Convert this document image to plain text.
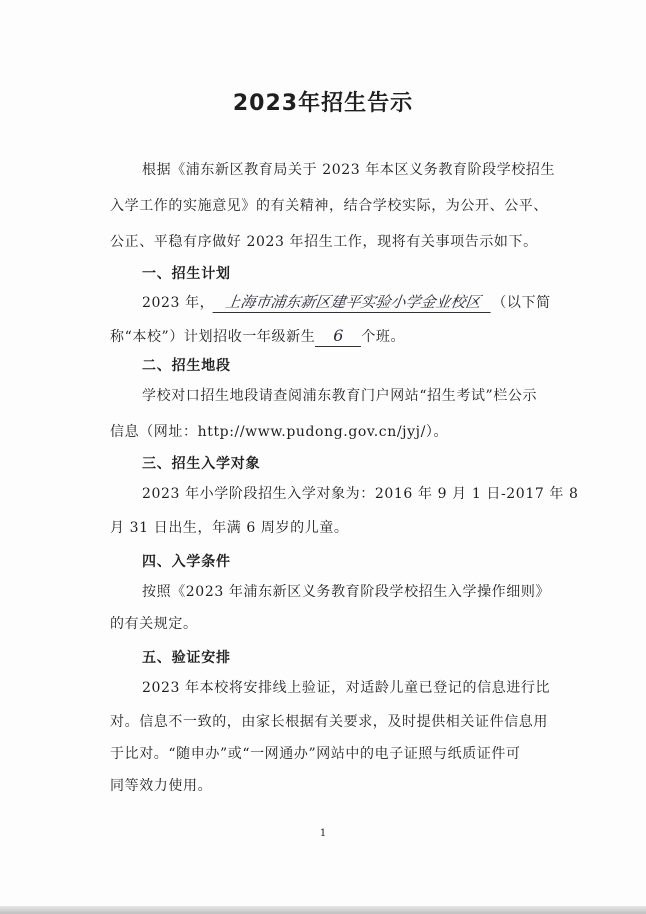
2023年招生告示
根据《浦东新区教育局关于 2023 年本区义务教育阶段学校招生
入学工作的实施意见》的有关精神，结合学校实际，为公开、公平、
公正、平稳有序做好 2023 年招生工作，现将有关事项告示如下。
一、招生计划
2023 年， 上海市浦东新区建平实验小学金业校区 （以下简
称“本校”）计划招收一年级新生 6 个班。
二、招生地段
学校对口招生地段请查阅浦东教育门户网站“招生考试”栏公示
信息（网址：http://www.pudong.gov.cn/jyj/）。
三、招生入学对象
2023 年小学阶段招生入学对象为：2016 年 9 月 1 日-2017 年 8
月 31 日出生，年满 6 周岁的儿童。
四、入学条件
按照《2023 年浦东新区义务教育阶段学校招生入学操作细则》
的有关规定。
五、验证安排
2023 年本校将安排线上验证，对适龄儿童已登记的信息进行比
对。信息不一致的，由家长根据有关要求，及时提供相关证件信息用
于比对。“随申办”或“一网通办”网站中的电子证照与纸质证件可
同等效力使用。
1
